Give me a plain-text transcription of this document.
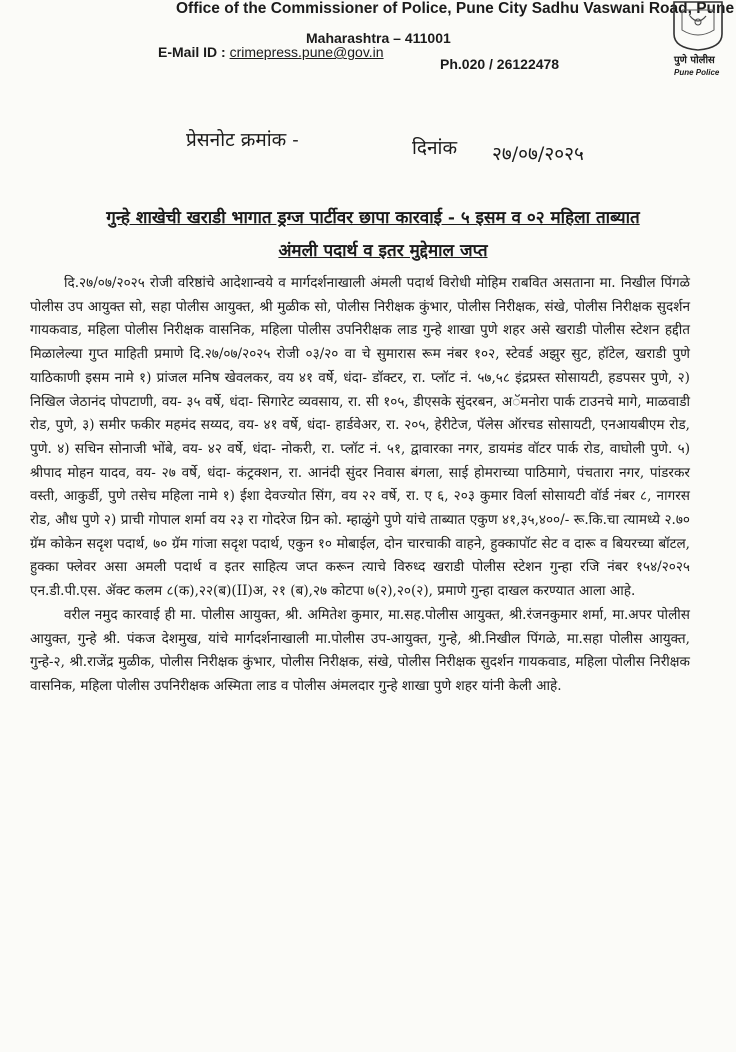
Office of the Commissioner of Police, Pune City Sadhu Vaswani Road, Pune
Maharashtra – 411001
E-Mail ID : crimepress.pune@gov.in
Ph.020 / 26122478	पुणे पोलीस
Pune Police
प्रेसनोट क्रमांक -	दिनांक २७/०७/२०२५
गुन्हे शाखेची खराडी भागात ड्रग्ज पार्टीवर छापा कारवाई - ५ इसम व ०२ महिला ताब्यात
अंमली पदार्थ व इतर मुद्देमाल जप्त

दि.२७/०७/२०२५ रोजी वरिष्ठांचे आदेशान्वये व मार्गदर्शनाखाली अंमली पदार्थ विरोधी मोहिम राबवित असताना मा. निखील पिंगळे पोलीस उप आयुक्त सो, सहा पोलीस आयुक्त, श्री मुळीक सो, पोलीस निरीक्षक कुंभार, पोलीस निरीक्षक, संखे, पोलीस निरीक्षक सुदर्शन गायकवाड, महिला पोलीस निरीक्षक वासनिक, महिला पोलीस उपनिरीक्षक लाड गुन्हे शाखा पुणे शहर असे खराडी पोलीस स्टेशन हद्दीत मिळालेल्या गुप्त माहिती प्रमाणे दि.२७/०७/२०२५ रोजी ०३/२० वा चे सुमारास रूम नंबर १०२, स्टेवर्ड अझुर सुट, हॉटेल, खराडी पुणे याठिकाणी इसम नामे १) प्रांजल मनिष खेवलकर, वय ४१ वर्षे, धंदा- डॉक्टर, रा. प्लॉट नं. ५७,५८ इंद्रप्रस्त सोसायटी, हडपसर पुणे, २) निखिल जेठानंद पोपटाणी, वय- ३५ वर्षे, धंदा- सिगारेट व्यवसाय, रा. सी १०५, डीएसके सुंदरबन, अॅमनोरा पार्क टाउनचे मागे, माळवाडी रोड, पुणे, ३) समीर फकीर महमंद सय्यद, वय- ४१ वर्षे, धंदा- हार्डवेअर, रा. २०५, हेरीटेज, पॅलेस ऑरचड सोसायटी, एनआयबीएम रोड, पुणे. ४) सचिन सोनाजी भोंबे, वय- ४२ वर्षे, धंदा- नोकरी, रा. प्लॉट नं. ५१, द्वावारका नगर, डायमंड वॉटर पार्क रोड, वाघोली पुणे. ५) श्रीपाद मोहन यादव, वय- २७ वर्षे, धंदा- कंट्रक्शन, रा. आनंदी सुंदर निवास बंगला, साई होमराच्या पाठिमागे, पंचतारा नगर, पांडरकर वस्ती, आकुर्डी, पुणे तसेच महिला नामे १) ईशा देवज्योत सिंग, वय २२ वर्षे, रा. ए ६, २०३ कुमार विर्ला सोसायटी वॉर्ड नंबर ८, नागरस रोड, औध पुणे २) प्राची गोपाल शर्मा वय २३ रा गोदरेज ग्रिन को. म्हाळुंगे पुणे यांचे ताब्यात एकुण ४१,३५,४००/- रू.कि.चा त्यामध्ये २.७० ग्रॅम कोकेन सदृश पदार्थ, ७० ग्रॅम गांजा सदृश पदार्थ, एकुन १० मोबाईल, दोन चारचाकी वाहने, हुक्कापॉट सेट व दारू व बियरच्या बॉटल, हुक्का फ्लेवर असा अमली पदार्थ व इतर साहित्य जप्त करून त्याचे विरुध्द खराडी पोलीस स्टेशन गुन्हा रजि नंबर १५४/२०२५ एन.डी.पी.एस. ॲक्ट कलम ८(क),२२(ब)(II)अ, २१ (ब),२७ कोटपा ७(२),२०(२), प्रमाणे गुन्हा दाखल करण्यात आला आहे.

वरील नमुद कारवाई ही मा. पोलीस आयुक्त, श्री. अमितेश कुमार, मा.सह.पोलीस आयुक्त, श्री.रंजनकुमार शर्मा, मा.अपर पोलीस आयुक्त, गुन्हे श्री. पंकज देशमुख, यांचे मार्गदर्शनाखाली मा.पोलीस उप-आयुक्त, गुन्हे, श्री.निखील पिंगळे, मा.सहा पोलीस आयुक्त, गुन्हे-२, श्री.राजेंद्र मुळीक, पोलीस निरीक्षक कुंभार, पोलीस निरीक्षक, संखे, पोलीस निरीक्षक सुदर्शन गायकवाड, महिला पोलीस निरीक्षक वासनिक, महिला पोलीस उपनिरीक्षक अस्मिता लाड व पोलीस अंमलदार गुन्हे शाखा पुणे शहर यांनी केली आहे.
